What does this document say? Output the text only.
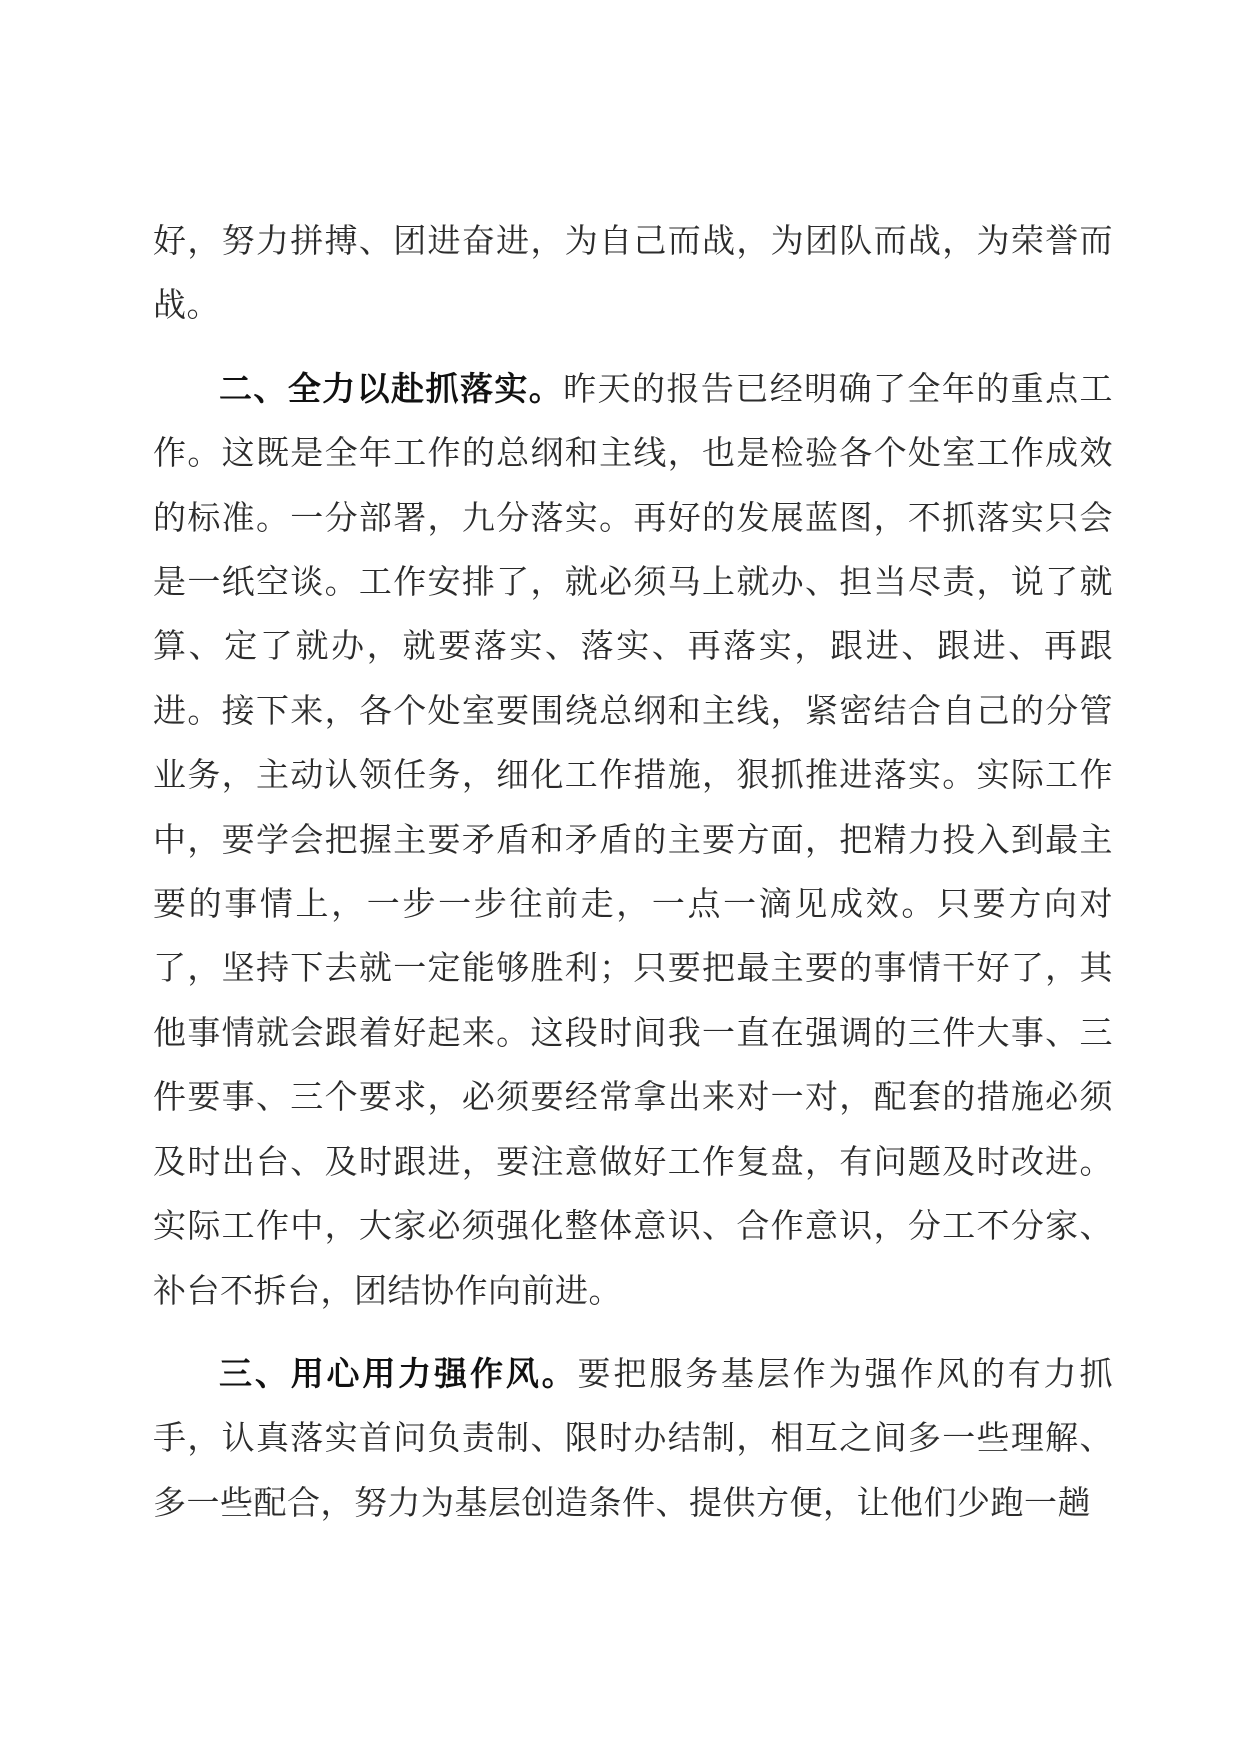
好，努力拼搏、团进奋进，为自己而战，为团队而战，为荣誉而战。

二、全力以赴抓落实。昨天的报告已经明确了全年的重点工作。这既是全年工作的总纲和主线，也是检验各个处室工作成效的标准。一分部署，九分落实。再好的发展蓝图，不抓落实只会是一纸空谈。工作安排了，就必须马上就办、担当尽责，说了就算、定了就办，就要落实、落实、再落实，跟进、跟进、再跟进。接下来，各个处室要围绕总纲和主线，紧密结合自己的分管业务，主动认领任务，细化工作措施，狠抓推进落实。实际工作中，要学会把握主要矛盾和矛盾的主要方面，把精力投入到最主要的事情上，一步一步往前走，一点一滴见成效。只要方向对了，坚持下去就一定能够胜利；只要把最主要的事情干好了，其他事情就会跟着好起来。这段时间我一直在强调的三件大事、三件要事、三个要求，必须要经常拿出来对一对，配套的措施必须及时出台、及时跟进，要注意做好工作复盘，有问题及时改进。实际工作中，大家必须强化整体意识、合作意识，分工不分家、补台不拆台，团结协作向前进。

三、用心用力强作风。要把服务基层作为强作风的有力抓手，认真落实首问负责制、限时办结制，相互之间多一些理解、多一些配合，努力为基层创造条件、提供方便，让他们少跑一趟
